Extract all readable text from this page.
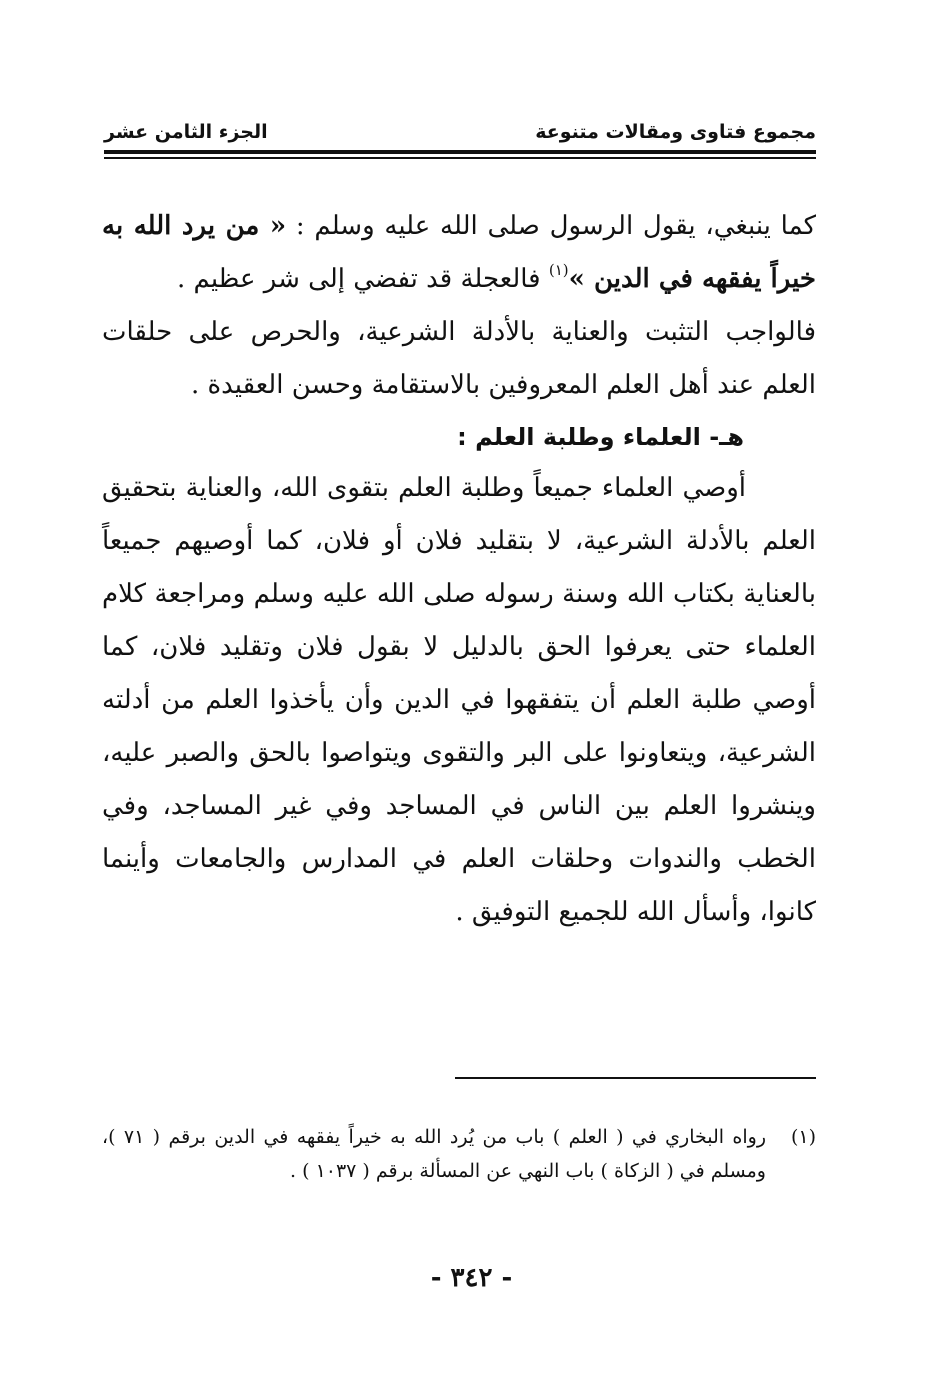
مجموع فتاوى ومقالات متنوعة
الجزء الثامن عشر

كما ينبغي، يقول الرسول صلى الله عليه وسلم : « من يرد الله به خيراً يفقهه في الدين »$^{(١)}$ فالعجلة قد تفضي إلى شر عظيم .

فالواجب التثبت والعناية بالأدلة الشرعية، والحرص على حلقات العلم عند أهل العلم المعروفين بالاستقامة وحسن العقيدة .

هـ- العلماء وطلبة العلم :

أوصي العلماء جميعاً وطلبة العلم بتقوى الله، والعناية بتحقيق العلم بالأدلة الشرعية، لا بتقليد فلان أو فلان، كما أوصيهم جميعاً بالعناية بكتاب الله وسنة رسوله صلى الله عليه وسلم ومراجعة كلام العلماء حتى يعرفوا الحق بالدليل لا بقول فلان وتقليد فلان، كما أوصي طلبة العلم أن يتفقهوا في الدين وأن يأخذوا العلم من أدلته الشرعية، ويتعاونوا على البر والتقوى ويتواصوا بالحق والصبر عليه، وينشروا العلم بين الناس في المساجد وفي غير المساجد، وفي الخطب والندوات وحلقات العلم في المدارس والجامعات وأينما كانوا، وأسأل الله للجميع التوفيق .

(١)
رواه البخاري في ( العلم ) باب من يُرد الله به خيراً يفقهه في الدين برقم ( ٧١ )، ومسلم في ( الزكاة ) باب النهي عن المسألة برقم ( ١٠٣٧ ) .
- ٣٤٢ -
